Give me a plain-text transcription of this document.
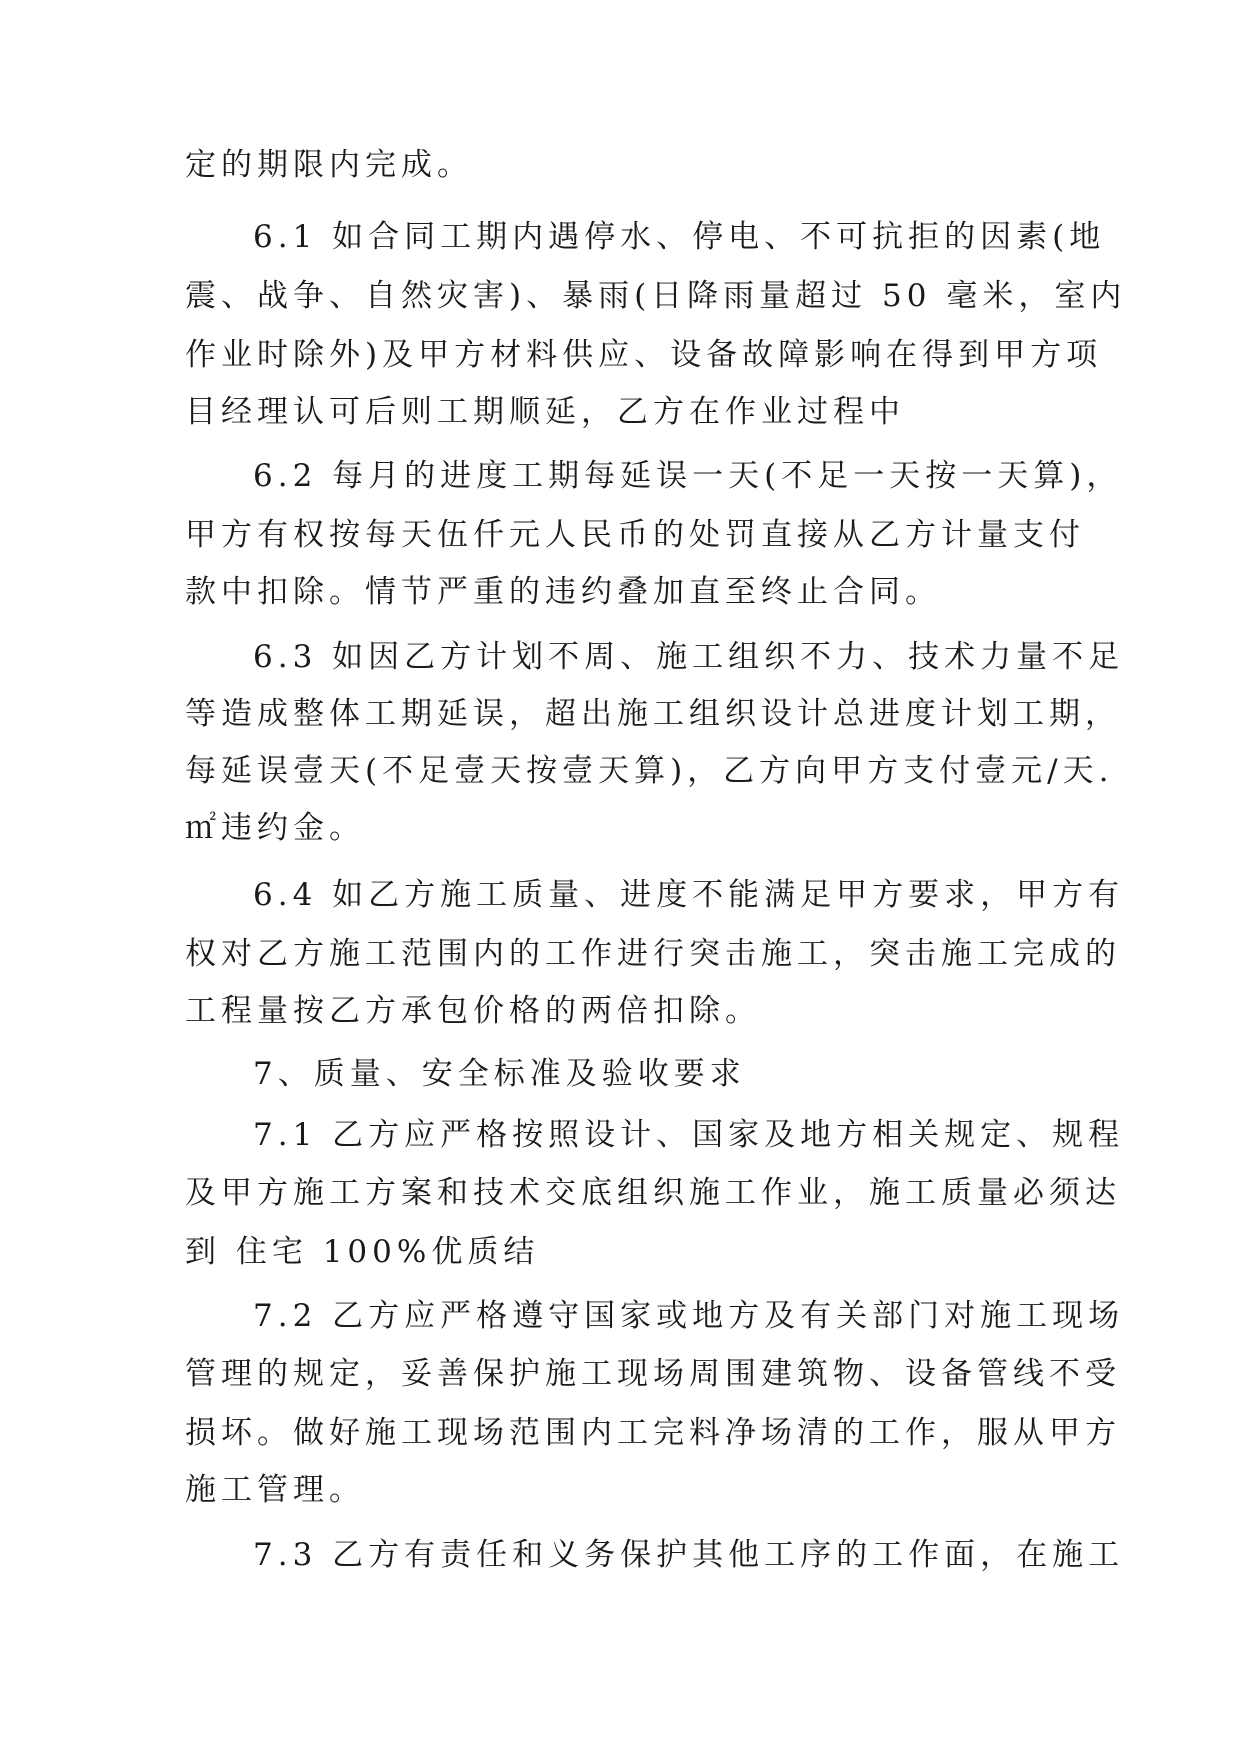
定的期限内完成。
6.1 如合同工期内遇停水、停电、不可抗拒的因素(地
震、战争、自然灾害)、暴雨(日降雨量超过 50 毫米，室内
作业时除外)及甲方材料供应、设备故障影响在得到甲方项
目经理认可后则工期顺延，乙方在作业过程中
6.2 每月的进度工期每延误一天(不足一天按一天算)，
甲方有权按每天伍仟元人民币的处罚直接从乙方计量支付
款中扣除。情节严重的违约叠加直至终止合同。
6.3 如因乙方计划不周、施工组织不力、技术力量不足
等造成整体工期延误，超出施工组织设计总进度计划工期，
每延误壹天(不足壹天按壹天算)，乙方向甲方支付壹元/天.
㎡违约金。
6.4 如乙方施工质量、进度不能满足甲方要求，甲方有
权对乙方施工范围内的工作进行突击施工，突击施工完成的
工程量按乙方承包价格的两倍扣除。
7、质量、安全标准及验收要求
7.1 乙方应严格按照设计、国家及地方相关规定、规程
及甲方施工方案和技术交底组织施工作业，施工质量必须达
到 住宅 100%优质结
7.2 乙方应严格遵守国家或地方及有关部门对施工现场
管理的规定，妥善保护施工现场周围建筑物、设备管线不受
损坏。做好施工现场范围内工完料净场清的工作，服从甲方
施工管理。
7.3 乙方有责任和义务保护其他工序的工作面，在施工
